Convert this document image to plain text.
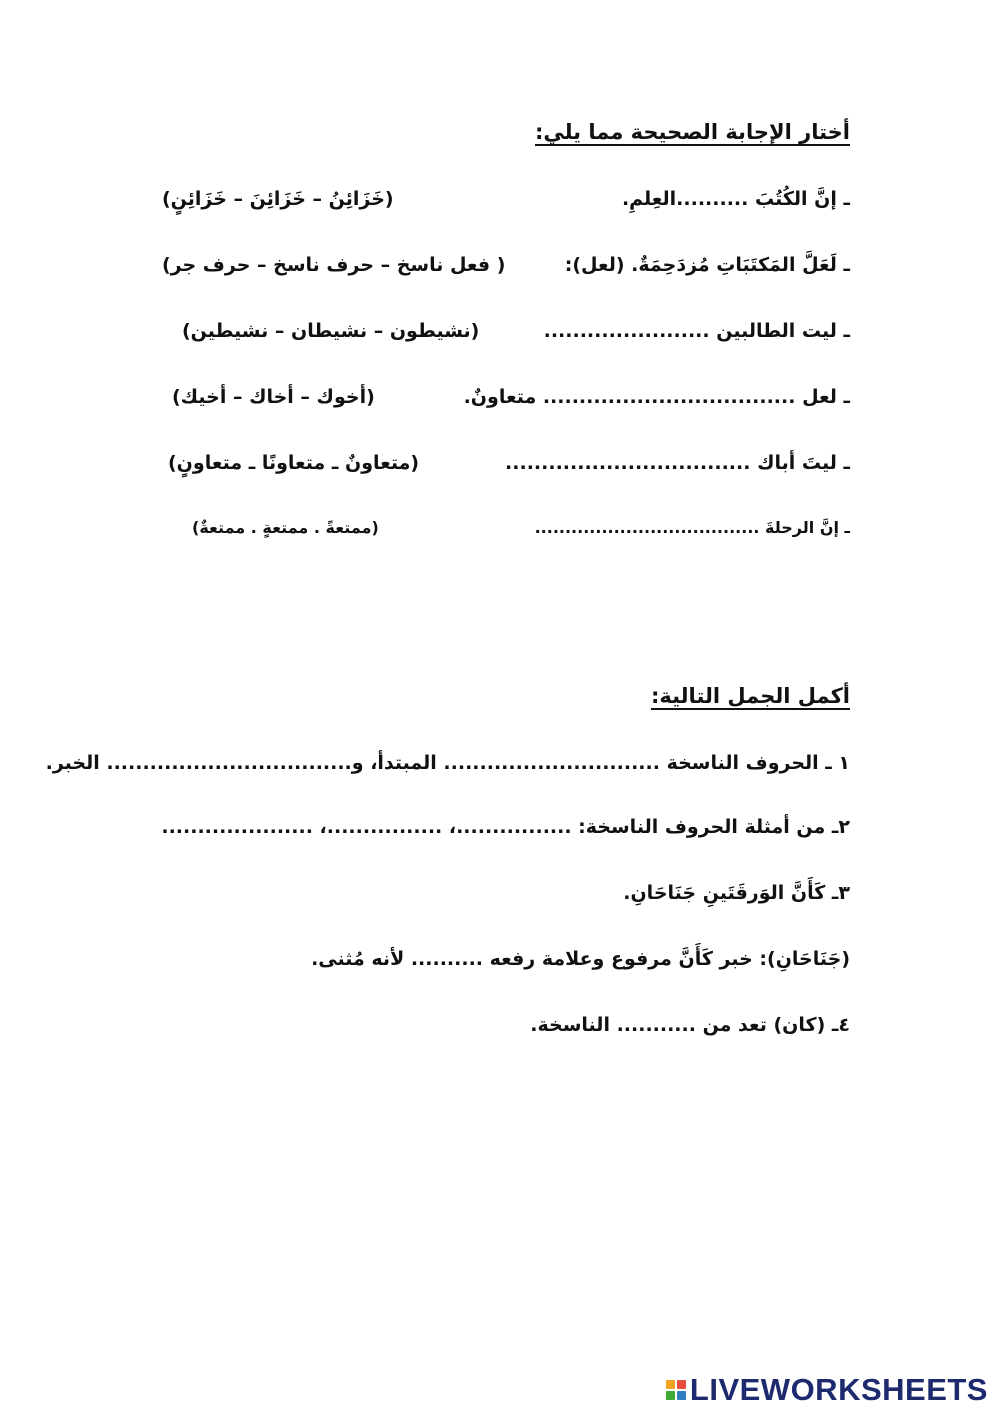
أختار الإجابة الصحيحة مما يلي:
ـ إنَّ الكُتُبَ ..........العِلمِ.
(خَزَائِنُ – خَزَائِنَ – خَزَائِنٍ)
ـ لَعَلَّ المَكتَبَاتِ مُزدَحِمَةٌ. (لعل):
( فعل ناسخ – حرف ناسخ – حرف جر)
ـ ليت الطالبين .......................
(نشيطون – نشيطان – نشيطين)
ـ لعل ................................... متعاونٌ.
(أخوك – أخاك – أخيك)
ـ ليتَ أباك ..................................
(متعاونٌ ـ متعاونًا ـ متعاونٍ)
ـ إنَّ الرحلةَ .....................................
(ممتعةً . ممتعةٍ . ممتعةٌ)
أكمل الجمل التالية:
١ ـ الحروف الناسخة .............................. المبتدأ، و.................................. الخبر.
٢ـ من أمثلة الحروف الناسخة: ................، ................، .....................
٣ـ كَأَنَّ الوَرقَتَينِ جَنَاحَانِ.
(جَنَاحَانِ): خبر كَأَنَّ مرفوع وعلامة رفعه .......... لأنه مُثنى.
٤ـ (كان) تعد من ........... الناسخة.
LIVEWORKSHEETS
